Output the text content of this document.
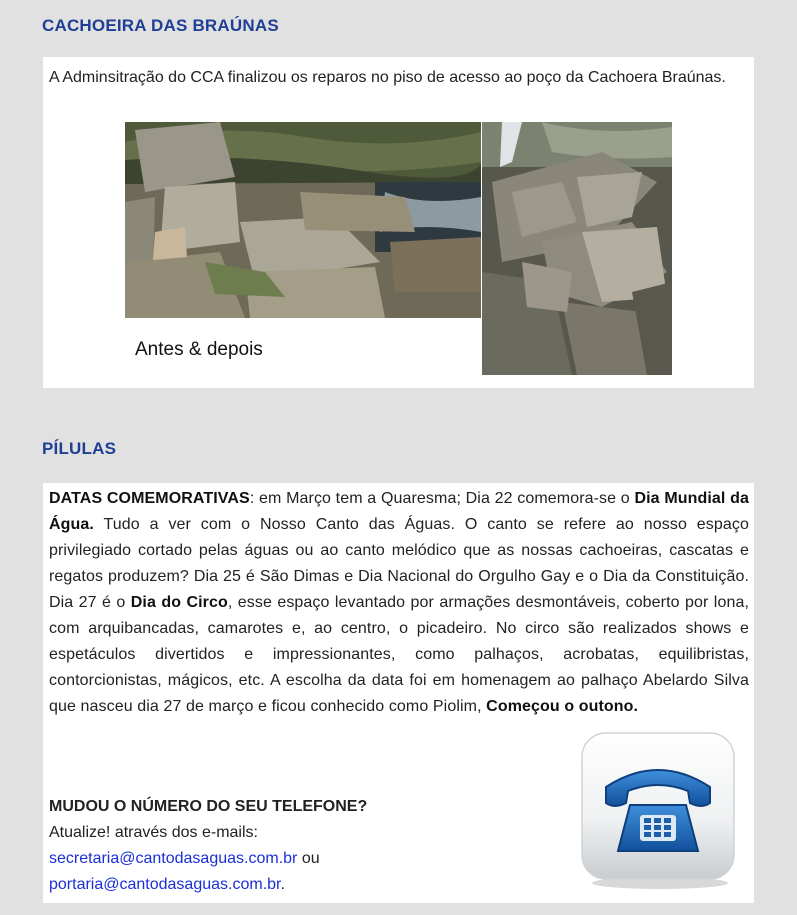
CACHOEIRA DAS BRAÚNAS

A Adminsitração do CCA finalizou os reparos no piso de acesso ao poço da Cachoera Braúnas.

Antes & depois

PÍLULAS

DATAS COMEMORATIVAS: em Março tem a Quaresma; Dia 22 comemora-se o Dia Mundial da Água. Tudo a ver com o Nosso Canto das Águas. O canto se refere ao nosso espaço privilegiado cortado pelas águas ou ao canto melódico que as nossas cachoeiras, cascatas e regatos produzem? Dia 25 é São Dimas e Dia Nacional do Orgulho Gay e o Dia da Constituição. Dia 27 é o Dia do Circo, esse espaço levantado por armações desmontáveis, coberto por lona, com arquibancadas, camarotes e, ao centro, o picadeiro. No circo são realizados shows e espetáculos divertidos e impressionantes, como palhaços, acrobatas, equilibristas, contorcionistas, mágicos, etc. A escolha da data foi em homenagem ao palhaço Abelardo Silva que nasceu dia 27 de março e ficou conhecido como Piolim, Começou o outono.

MUDOU O NÚMERO DO SEU TELEFONE?
Atualize! através dos e-mails:
secretaria@cantodasaguas.com.br ou
portaria@cantodasaguas.com.br.
